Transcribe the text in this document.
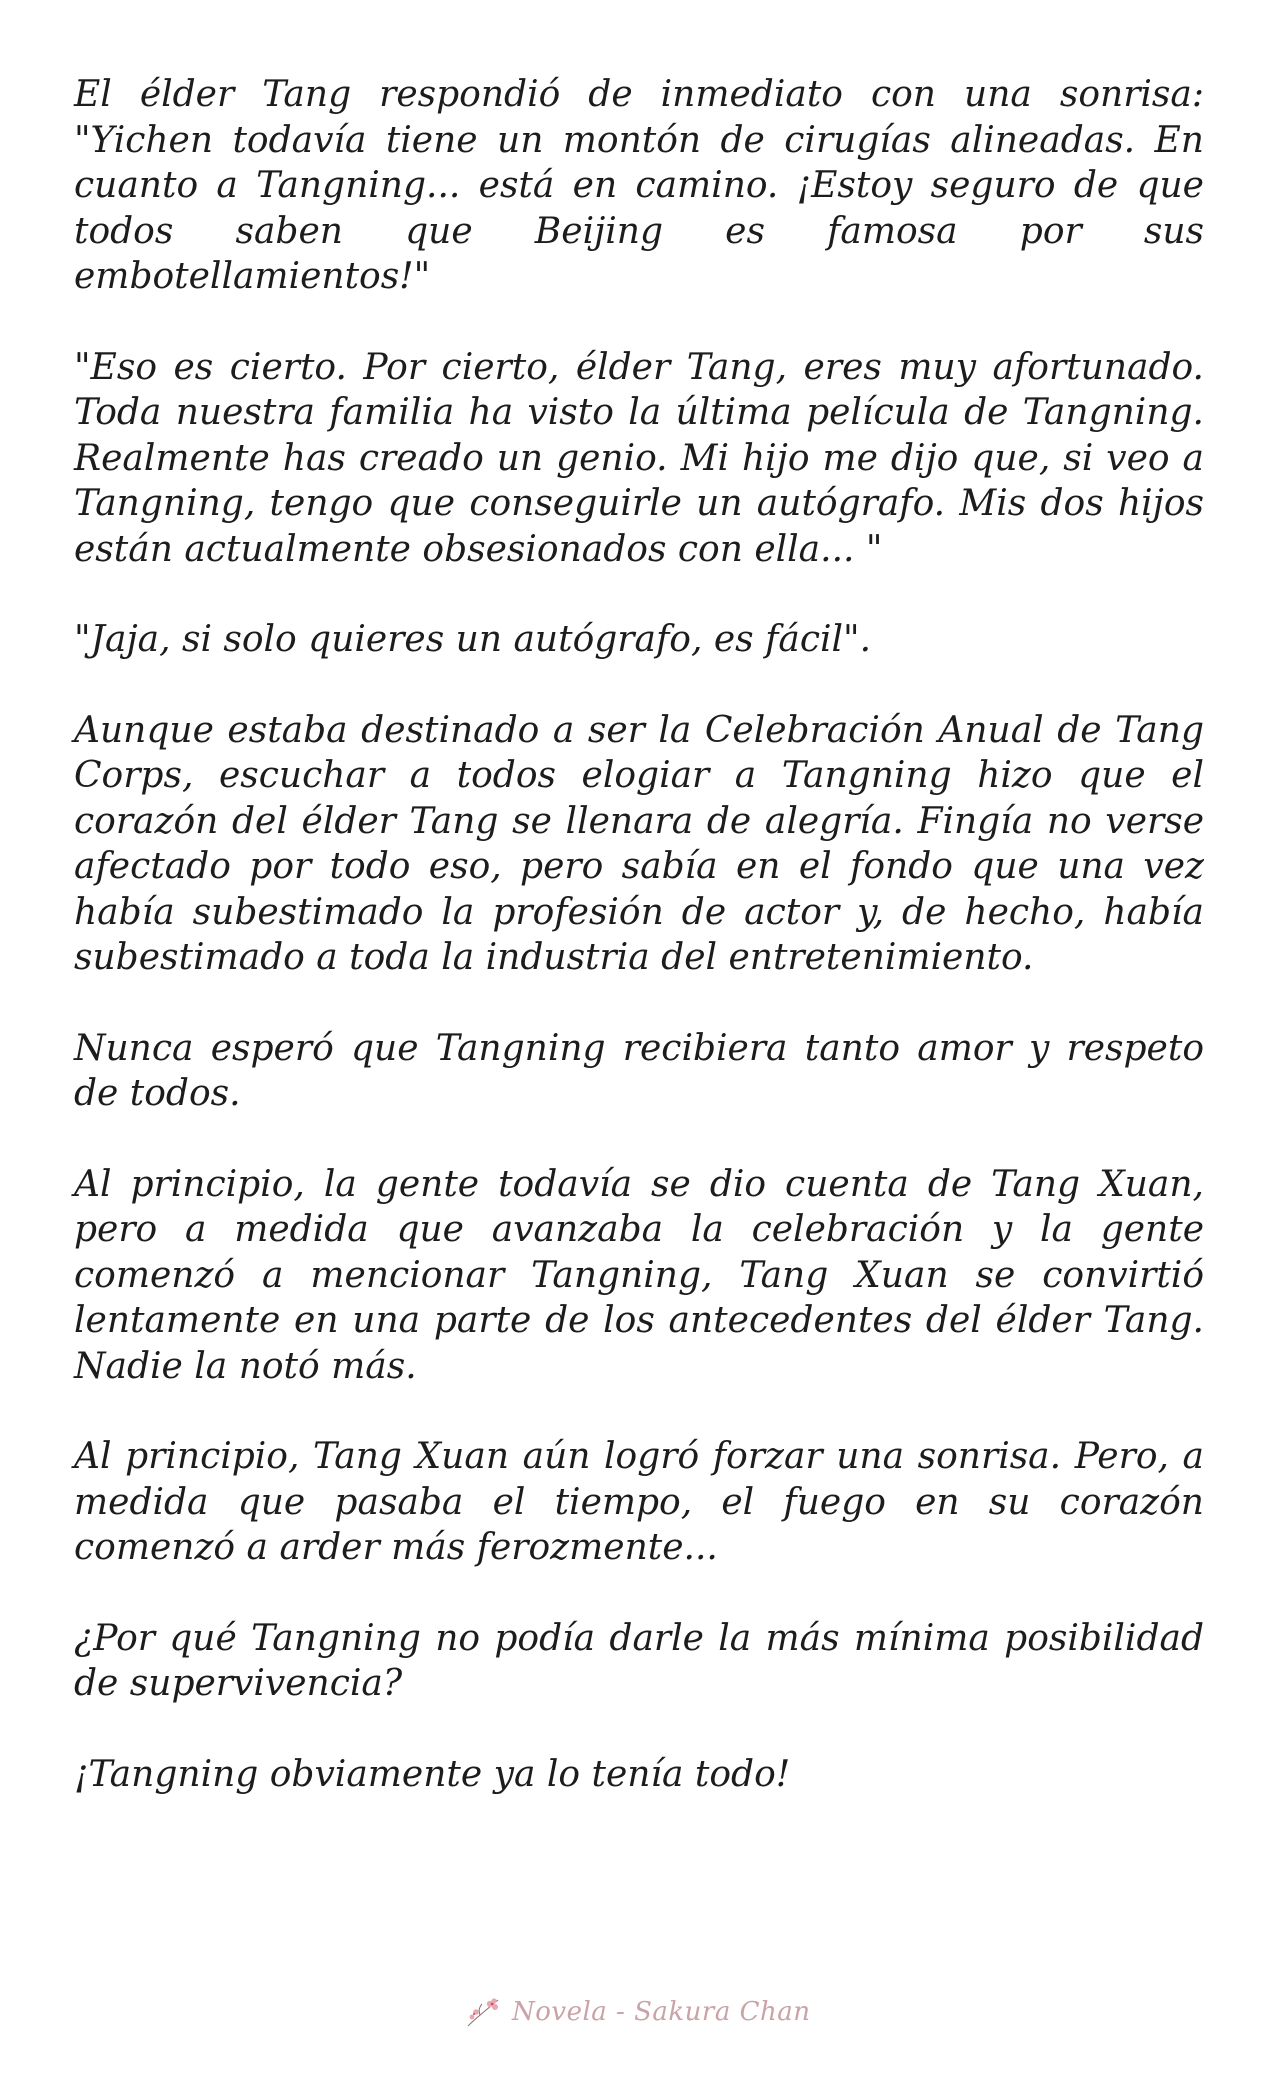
El élder Tang respondió de inmediato con una sonrisa: "Yichen todavía tiene un montón de cirugías alineadas. En cuanto a Tangning... está en camino. ¡Estoy seguro de que todos saben que Beijing es famosa por sus embotellamientos!"

"Eso es cierto. Por cierto, élder Tang, eres muy afortunado. Toda nuestra familia ha visto la última película de Tangning. Realmente has creado un genio. Mi hijo me dijo que, si veo a Tangning, tengo que conseguirle un autógrafo. Mis dos hijos están actualmente obsesionados con ella... "

"Jaja, si solo quieres un autógrafo, es fácil".

Aunque estaba destinado a ser la Celebración Anual de Tang Corps, escuchar a todos elogiar a Tangning hizo que el corazón del élder Tang se llenara de alegría. Fingía no verse afectado por todo eso, pero sabía en el fondo que una vez había subestimado la profesión de actor y, de hecho, había subestimado a toda la industria del entretenimiento.

Nunca esperó que Tangning recibiera tanto amor y respeto de todos.

Al principio, la gente todavía se dio cuenta de Tang Xuan, pero a medida que avanzaba la celebración y la gente comenzó a mencionar Tangning, Tang Xuan se convirtió lentamente en una parte de los antecedentes del élder Tang. Nadie la notó más.

Al principio, Tang Xuan aún logró forzar una sonrisa. Pero, a medida que pasaba el tiempo, el fuego en su corazón comenzó a arder más ferozmente...

¿Por qué Tangning no podía darle la más mínima posibilidad de supervivencia?

¡Tangning obviamente ya lo tenía todo!

Novela - Sakura Chan
